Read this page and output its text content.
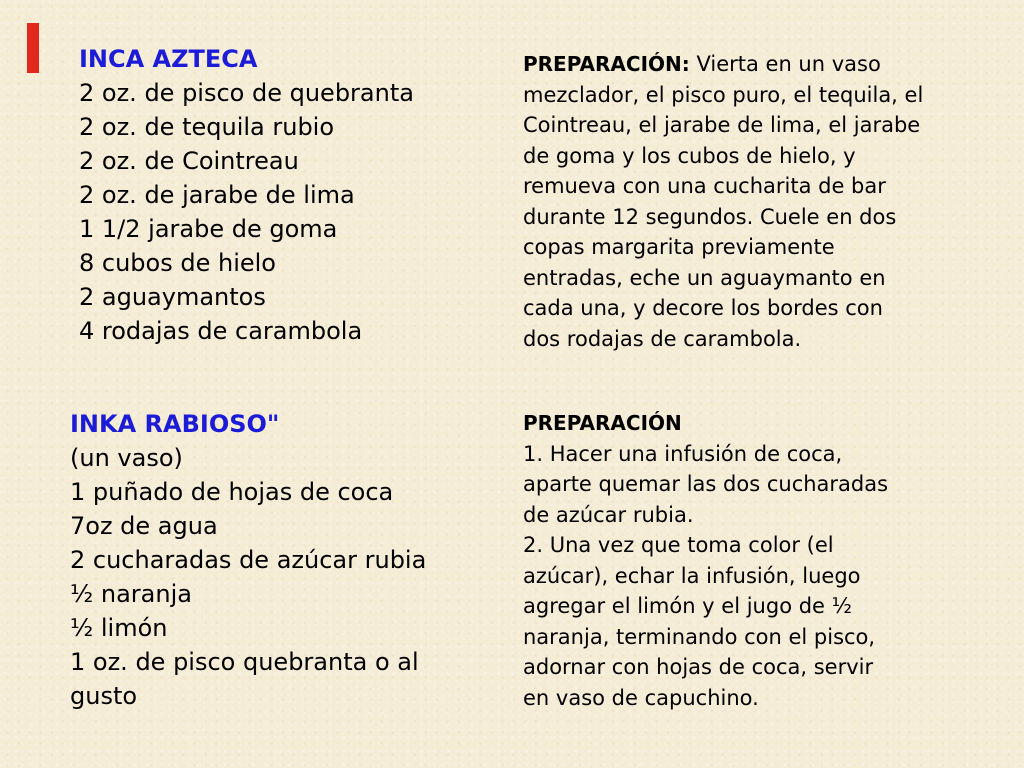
INCA AZTECA
2 oz. de pisco de quebranta
2 oz. de tequila rubio
2 oz. de Cointreau
2 oz. de jarabe de lima
1 1/2 jarabe de goma
8 cubos de hielo
2 aguaymantos
4 rodajas de carambola
PREPARACIÓN: Vierta en un vaso
mezclador, el pisco puro, el tequila, el
Cointreau, el jarabe de lima, el jarabe
de goma y los cubos de hielo, y
remueva con una cucharita de bar
durante 12 segundos. Cuele en dos
copas margarita previamente
entradas, eche un aguaymanto en
cada una, y decore los bordes con
dos rodajas de carambola.
INKA RABIOSO"
(un vaso)
1 puñado de hojas de coca
7oz de agua
2 cucharadas de azúcar rubia
½ naranja
½ limón
1 oz. de pisco quebranta o al
gusto
PREPARACIÓN
1. Hacer una infusión de coca,
aparte quemar las dos cucharadas
de azúcar rubia.
2. Una vez que toma color (el
azúcar), echar la infusión, luego
agregar el limón y el jugo de ½
naranja, terminando con el pisco,
adornar con hojas de coca, servir
en vaso de capuchino.
